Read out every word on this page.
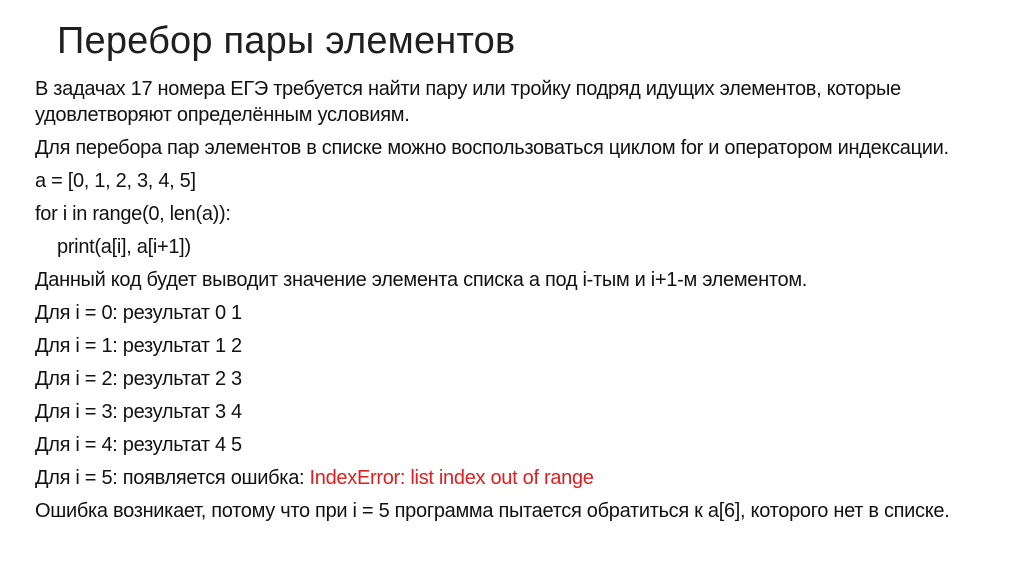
Перебор пары элементов

В задачах 17 номера ЕГЭ требуется найти пару или тройку подряд идущих элементов, которые удовлетворяют определённым условиям.

Для перебора пар элементов в списке можно воспользоваться циклом for и оператором индексации.

a = [0, 1, 2, 3, 4, 5]

for i in range(0, len(a)):

print(a[i], a[i+1])

Данный код будет выводит значение элемента списка a под i-тым и i+1-м элементом.

Для i = 0: результат 0 1

Для i = 1: результат 1 2

Для i = 2: результат 2 3

Для i = 3: результат 3 4

Для i = 4: результат 4 5

Для i = 5: появляется ошибка: IndexError: list index out of range

Ошибка возникает, потому что при i = 5 программа пытается обратиться к a[6], которого нет в списке.
